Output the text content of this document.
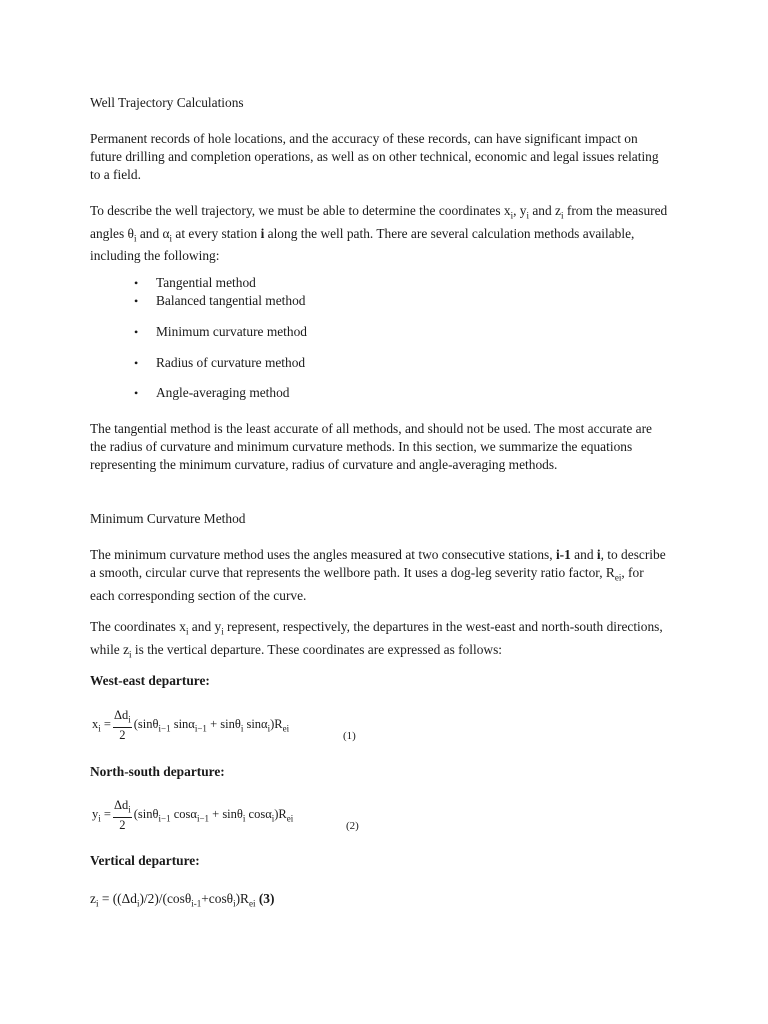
Well Trajectory Calculations

Permanent records of hole locations, and the accuracy of these records, can have significant impact on future drilling and completion operations, as well as on other technical, economic and legal issues relating to a field.

To describe the well trajectory, we must be able to determine the coordinates $x_i$, $y_i$ and $z_i$ from the measured angles $\theta_i$ and $\alpha_i$ at every station i along the well path. There are several calculation methods available, including the following:

• Tangential method
• Balanced tangential method
• Minimum curvature method
• Radius of curvature method
• Angle-averaging method

The tangential method is the least accurate of all methods, and should not be used. The most accurate are the radius of curvature and minimum curvature methods. In this section, we summarize the equations representing the minimum curvature, radius of curvature and angle-averaging methods.

Minimum Curvature Method

The minimum curvature method uses the angles measured at two consecutive stations, i-1 and i, to describe a smooth, circular curve that represents the wellbore path. It uses a dog-leg severity ratio factor, $R_{ei}$, for each corresponding section of the curve.

The coordinates $x_i$ and $y_i$ represent, respectively, the departures in the west-east and north-south directions, while $z_i$ is the vertical departure. These coordinates are expressed as follows:

West-east departure:
$x_i = \frac{\Delta d_i}{2} (\sin\theta_{i-1}$ sinα$_{i-1}$ + sinθ$_i$ $\sin\alpha_i)R_{ei}$
(1)
North-south departure:
$y_i = \frac{\Delta d_i}{2} (\sin\theta_{i-1}$ cosα$_{i-1}$ + sinθ$_i$ $\cos\alpha_i)R_{ei}$
(2)
Vertical departure:

$z_i = ((\Delta d_i)/2)/(\cos\theta_{i-1}+\cos\theta_i)R_{ei}$ (3)
